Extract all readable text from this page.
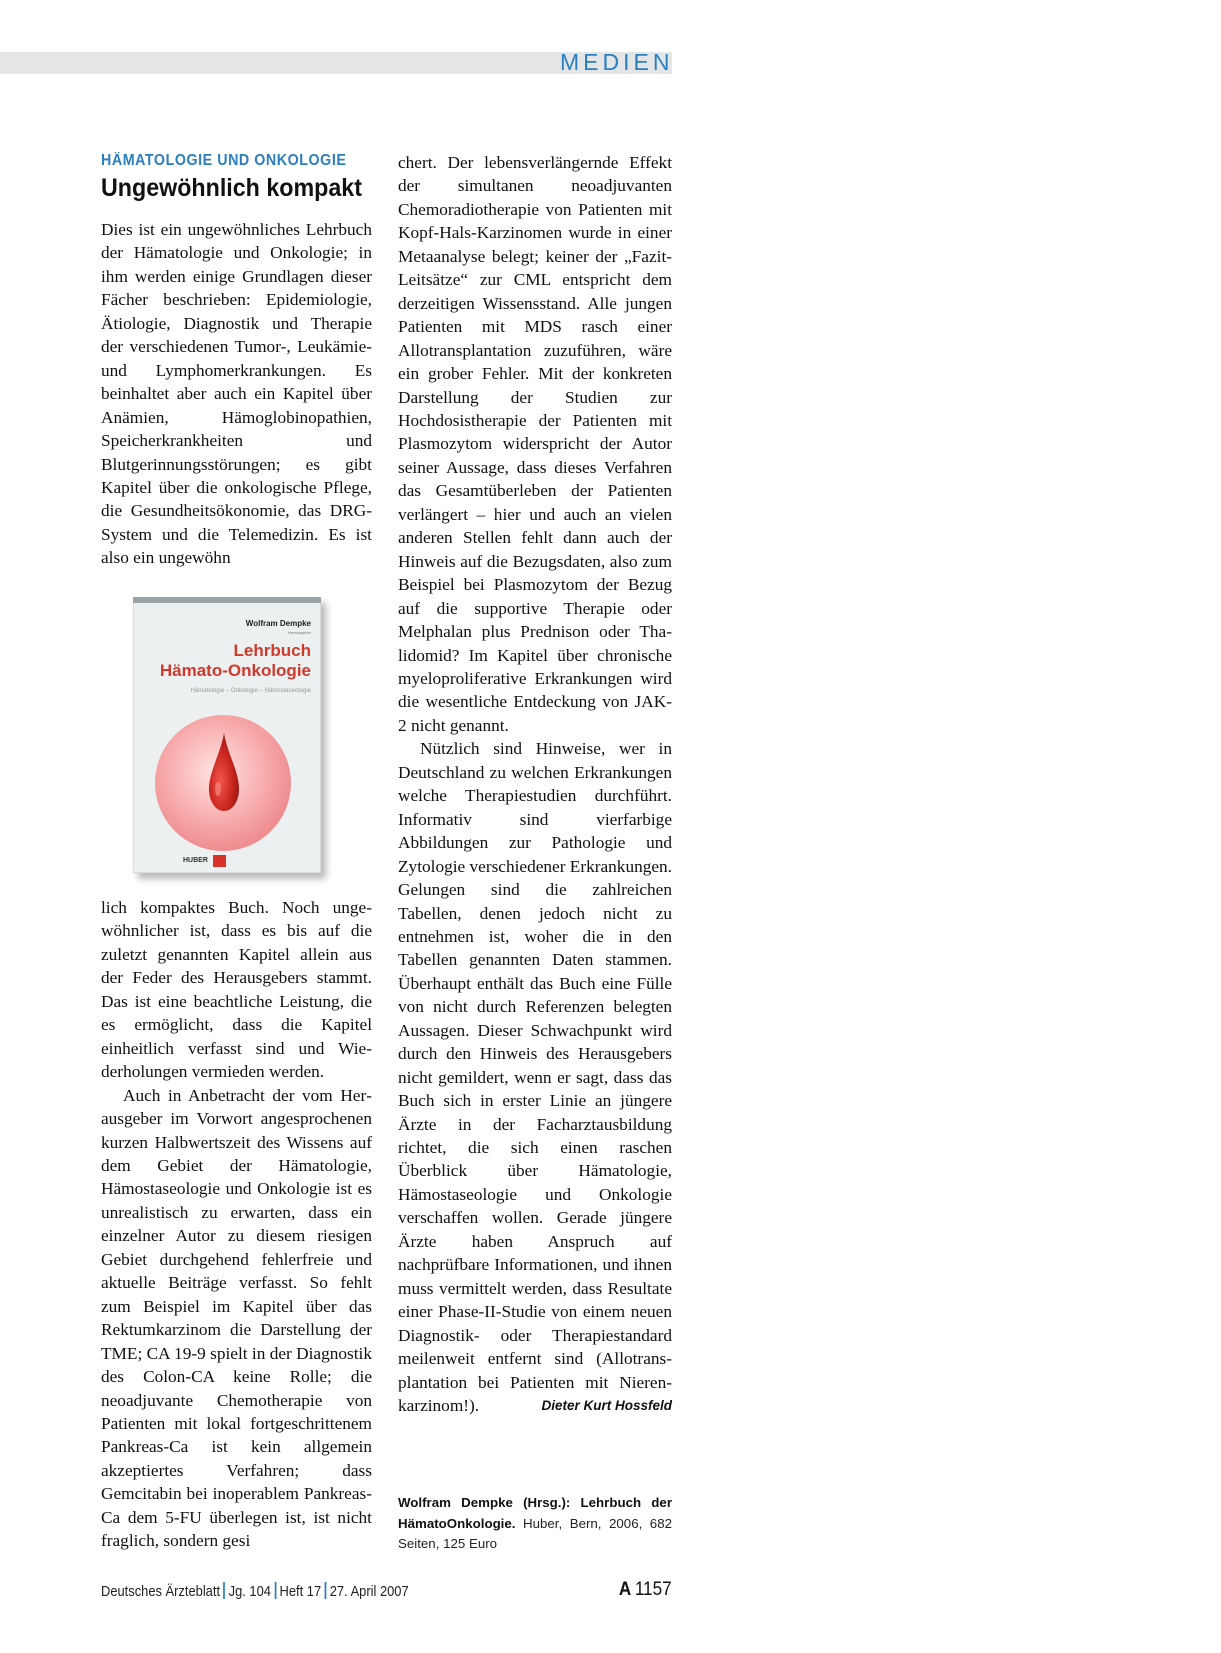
MEDIEN
HÄMATOLOGIE UND ONKOLOGIE
Ungewöhnlich kompakt

Dies ist ein ungewöhnliches Lehrbuch der Hämatologie und Onkologie; in ihm werden einige Grundlagen dieser Fächer beschrieben: Epidemiologie, Ätiologie, Diagnostik und Therapie der verschiedenen Tumor-, Leukämie- und Lymphomerkrankungen. Es beinhaltet aber auch ein Kapitel über Anämien, Hämoglobinopathien, Speicherkrankheiten und Blutgerinnungsstörungen; es gibt Kapitel über die onkologische Pflege, die Gesundheitsökonomie, das DRG-System und die Telemedizin. Es ist also ein ungewöhn

Wolfram Dempke
Herausgeber
Lehrbuch
Hämato-Onkologie
Hämatologie – Onkologie – Hämostaseologie
HUBER
lich kompaktes Buch. Noch ungewöhnlicher ist, dass es bis auf die zuletzt genannten Kapitel allein aus der Feder des Herausgebers stammt. Das ist eine beachtliche Leistung, die es ermöglicht, dass die Kapitel einheitlich verfasst sind und Wiederholungen vermieden werden.
Auch in Anbetracht der vom Herausgeber im Vorwort angesprochenen kurzen Halbwertszeit des Wissens auf dem Gebiet der Hämatologie, Hämostaseologie und Onkologie ist es unrealistisch zu erwarten, dass ein einzelner Autor zu diesem riesigen Gebiet durchgehend fehlerfreie und aktuelle Beiträge verfasst. So fehlt zum Beispiel im Kapitel über das Rektumkarzinom die Darstellung der TME; CA 19-9 spielt in der Diagnostik des Colon-CA keine Rolle; die neoadjuvante Chemotherapie von Patienten mit lokal fortgeschrittenem Pankreas-Ca ist kein allgemein akzeptiertes Verfahren; dass Gemcitabin bei inoperablem Pankreas-Ca dem 5-FU überlegen ist, ist nicht fraglich, sondern gesi
chert. Der lebensverlängernde Effekt der simultanen neoadjuvanten Chemoradiotherapie von Patienten mit Kopf-Hals-Karzinomen wurde in einer Metaanalyse belegt; keiner der „Fazit-Leitsätze“ zur CML entspricht dem derzeitigen Wissensstand. Alle jungen Patienten mit MDS rasch einer Allotransplantation zuzuführen, wäre ein grober Fehler. Mit der konkreten Darstellung der Studien zur Hochdosistherapie der Patienten mit Plasmozytom widerspricht der Autor seiner Aussage, dass dieses Verfahren das Gesamtüberleben der Patienten verlängert – hier und auch an vielen anderen Stellen fehlt dann auch der Hinweis auf die Bezugsdaten, also zum Beispiel bei Plasmozytom der Bezug auf die supportive Therapie oder Melphalan plus Prednison oder Thalidomid? Im Kapitel über chronische myeloproliferative Erkrankungen wird die wesentliche Entdeckung von JAK-2 nicht genannt.
Nützlich sind Hinweise, wer in Deutschland zu welchen Erkrankungen welche Therapiestudien durchführt. Informativ sind vierfarbige Abbildungen zur Pathologie und Zytologie verschiedener Erkrankungen. Gelungen sind die zahlreichen Tabellen, denen jedoch nicht zu entnehmen ist, woher die in den Tabellen genannten Daten stammen. Überhaupt enthält das Buch eine Fülle von nicht durch Referenzen belegten Aussagen. Dieser Schwachpunkt wird durch den Hinweis des Herausgebers nicht gemildert, wenn er sagt, dass das Buch sich in erster Linie an jüngere Ärzte in der Facharztausbildung richtet, die sich einen raschen Überblick über Hämatologie, Hämostaseologie und Onkologie verschaffen wollen. Gerade jüngere Ärzte haben Anspruch auf nachprüfbare Informationen, und ihnen muss vermittelt werden, dass Resultate einer Phase-II-Studie von einem neuen Diagnostik- oder Therapiestandard meilenweit entfernt sind (Allotransplantation bei Patienten mit Nierenkarzinom!).	Dieter Kurt Hossfeld

Wolfram Dempke (Hrsg.): Lehrbuch der HämatoOnkologie. Huber, Bern, 2006, 682 Seiten, 125 Euro

Deutsches Ärzteblatt Jg. 104 Heft 17 27. April 2007	A 1157
